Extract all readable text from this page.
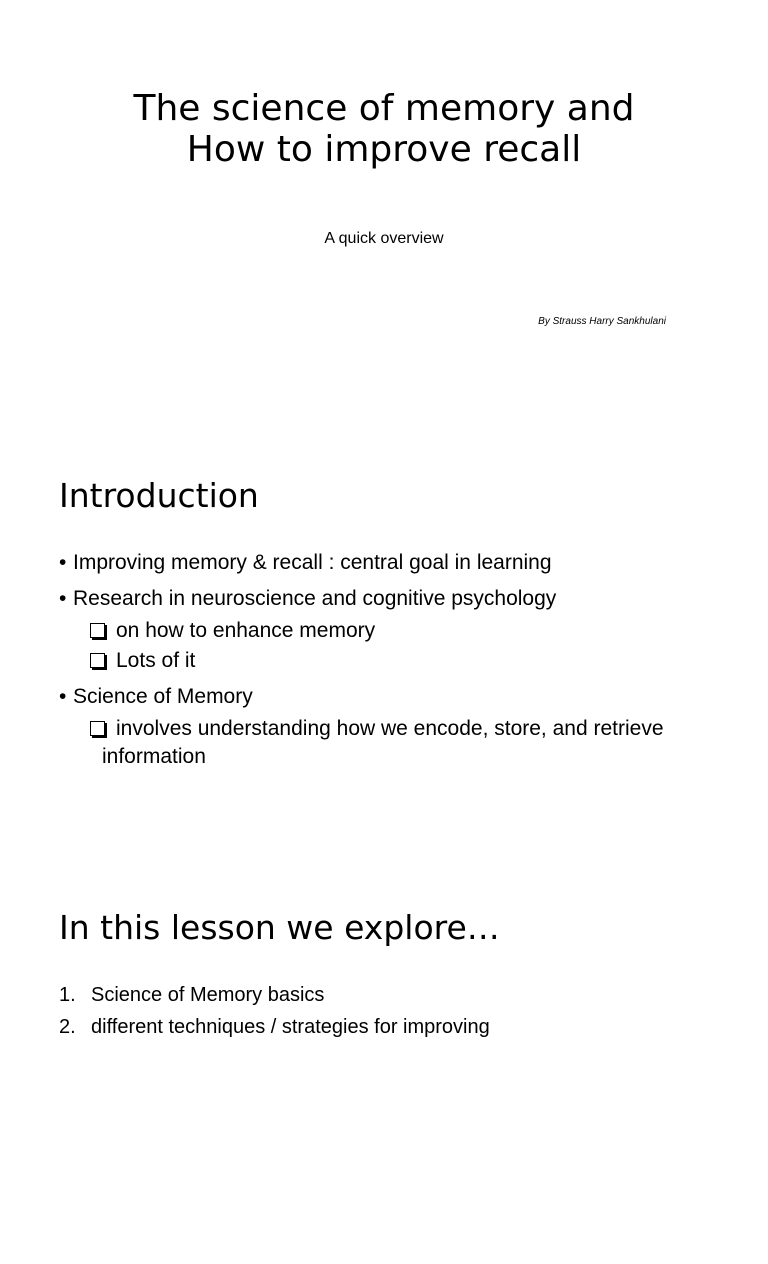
The science of memory and
How to improve recall
A quick overview
By Strauss Harry Sankhulani
Introduction
• Improving memory & recall : central goal in learning
• Research in neuroscience and cognitive psychology
on how to enhance memory
Lots of it
• Science of Memory
involves understanding how we encode, store, and retrieve information
In this lesson we explore…
1. Science of Memory basics
2. different techniques / strategies for improving
